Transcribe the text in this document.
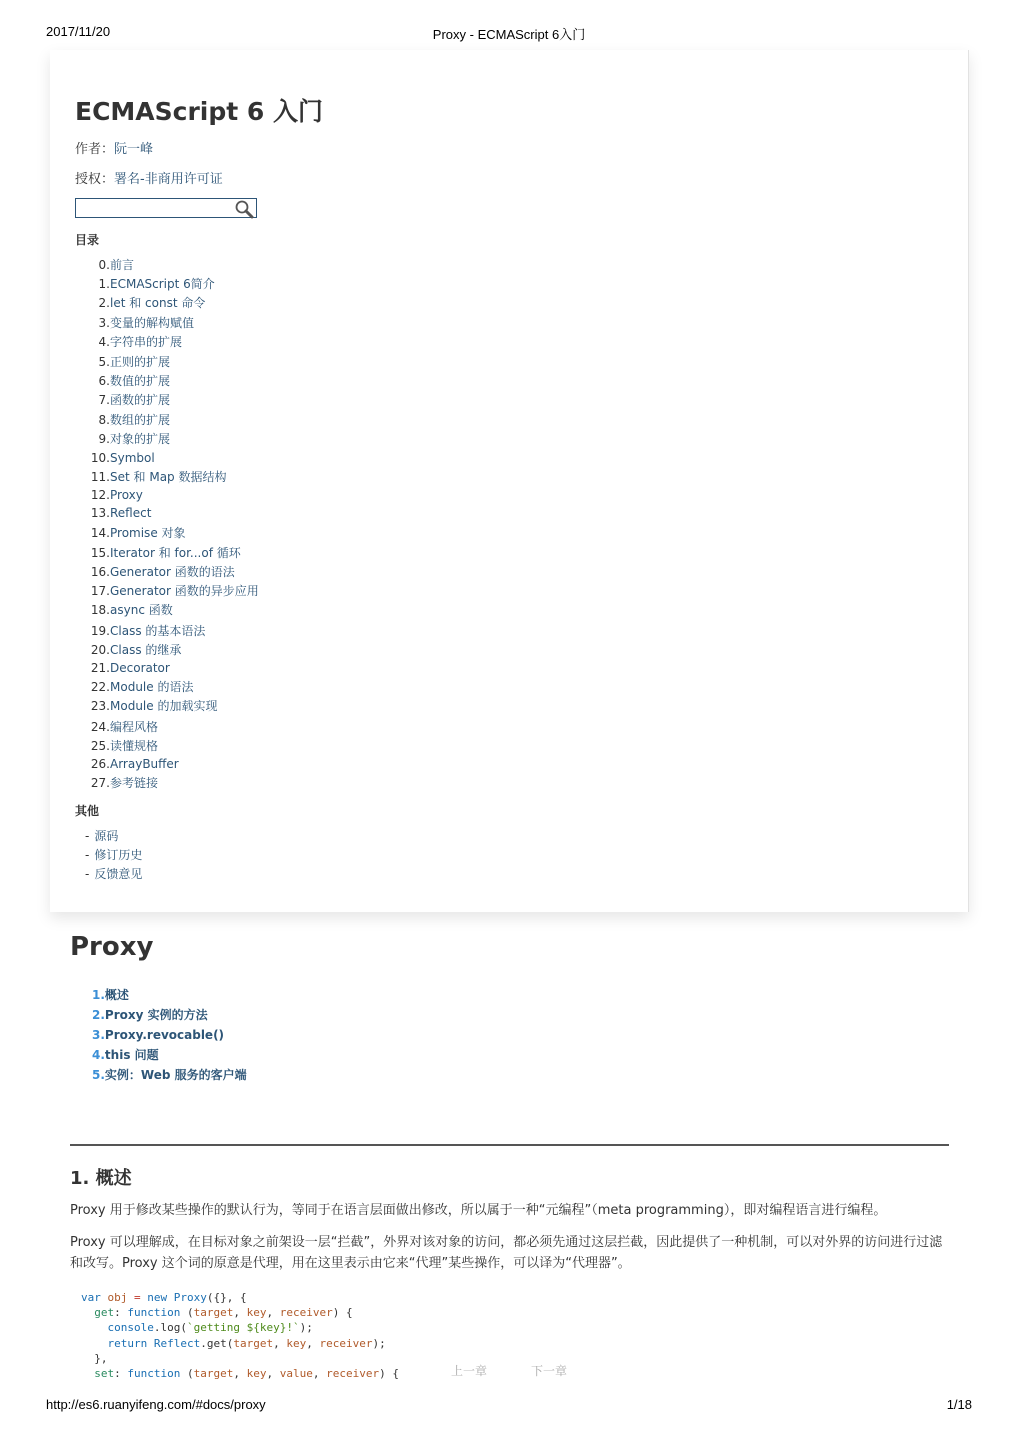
2017/11/20	Proxy - ECMAScript 6入门
ECMAScript 6 入门
作者：阮一峰
授权：署名-非商用许可证
目录
0.前言
1.ECMAScript 6简介
2.let 和 const 命令
3.变量的解构赋值
4.字符串的扩展
5.正则的扩展
6.数值的扩展
7.函数的扩展
8.数组的扩展
9.对象的扩展
10.Symbol
11.Set 和 Map 数据结构
12.Proxy
13.Reflect
14.Promise 对象
15.Iterator 和 for...of 循环
16.Generator 函数的语法
17.Generator 函数的异步应用
18.async 函数
19.Class 的基本语法
20.Class 的继承
21.Decorator
22.Module 的语法
23.Module 的加载实现
24.编程风格
25.读懂规格
26.ArrayBuffer
27.参考链接
其他
- 源码
- 修订历史
- 反馈意见
Proxy
1.概述
2.Proxy 实例的方法
3.Proxy.revocable()
4.this 问题
5.实例：Web 服务的客户端
1. 概述

Proxy 用于修改某些操作的默认行为，等同于在语言层面做出修改，所以属于一种“元编程”（meta programming），即对编程语言进行编程。

Proxy 可以理解成，在目标对象之前架设一层“拦截”，外界对该对象的访问，都必须先通过这层拦截，因此提供了一种机制，可以对外界的访问进行过滤和改写。Proxy 这个词的原意是代理，用在这里表示由它来“代理”某些操作，可以译为“代理器”。

var obj = new Proxy({}, {
get: function (target, key, receiver) {
console.log(`getting ${key}!`);
return Reflect.get(target, key, receiver);
},
set: function (target, key, value, receiver) {	上一章	下一章
http://es6.ruanyifeng.com/#docs/proxy	1/18
